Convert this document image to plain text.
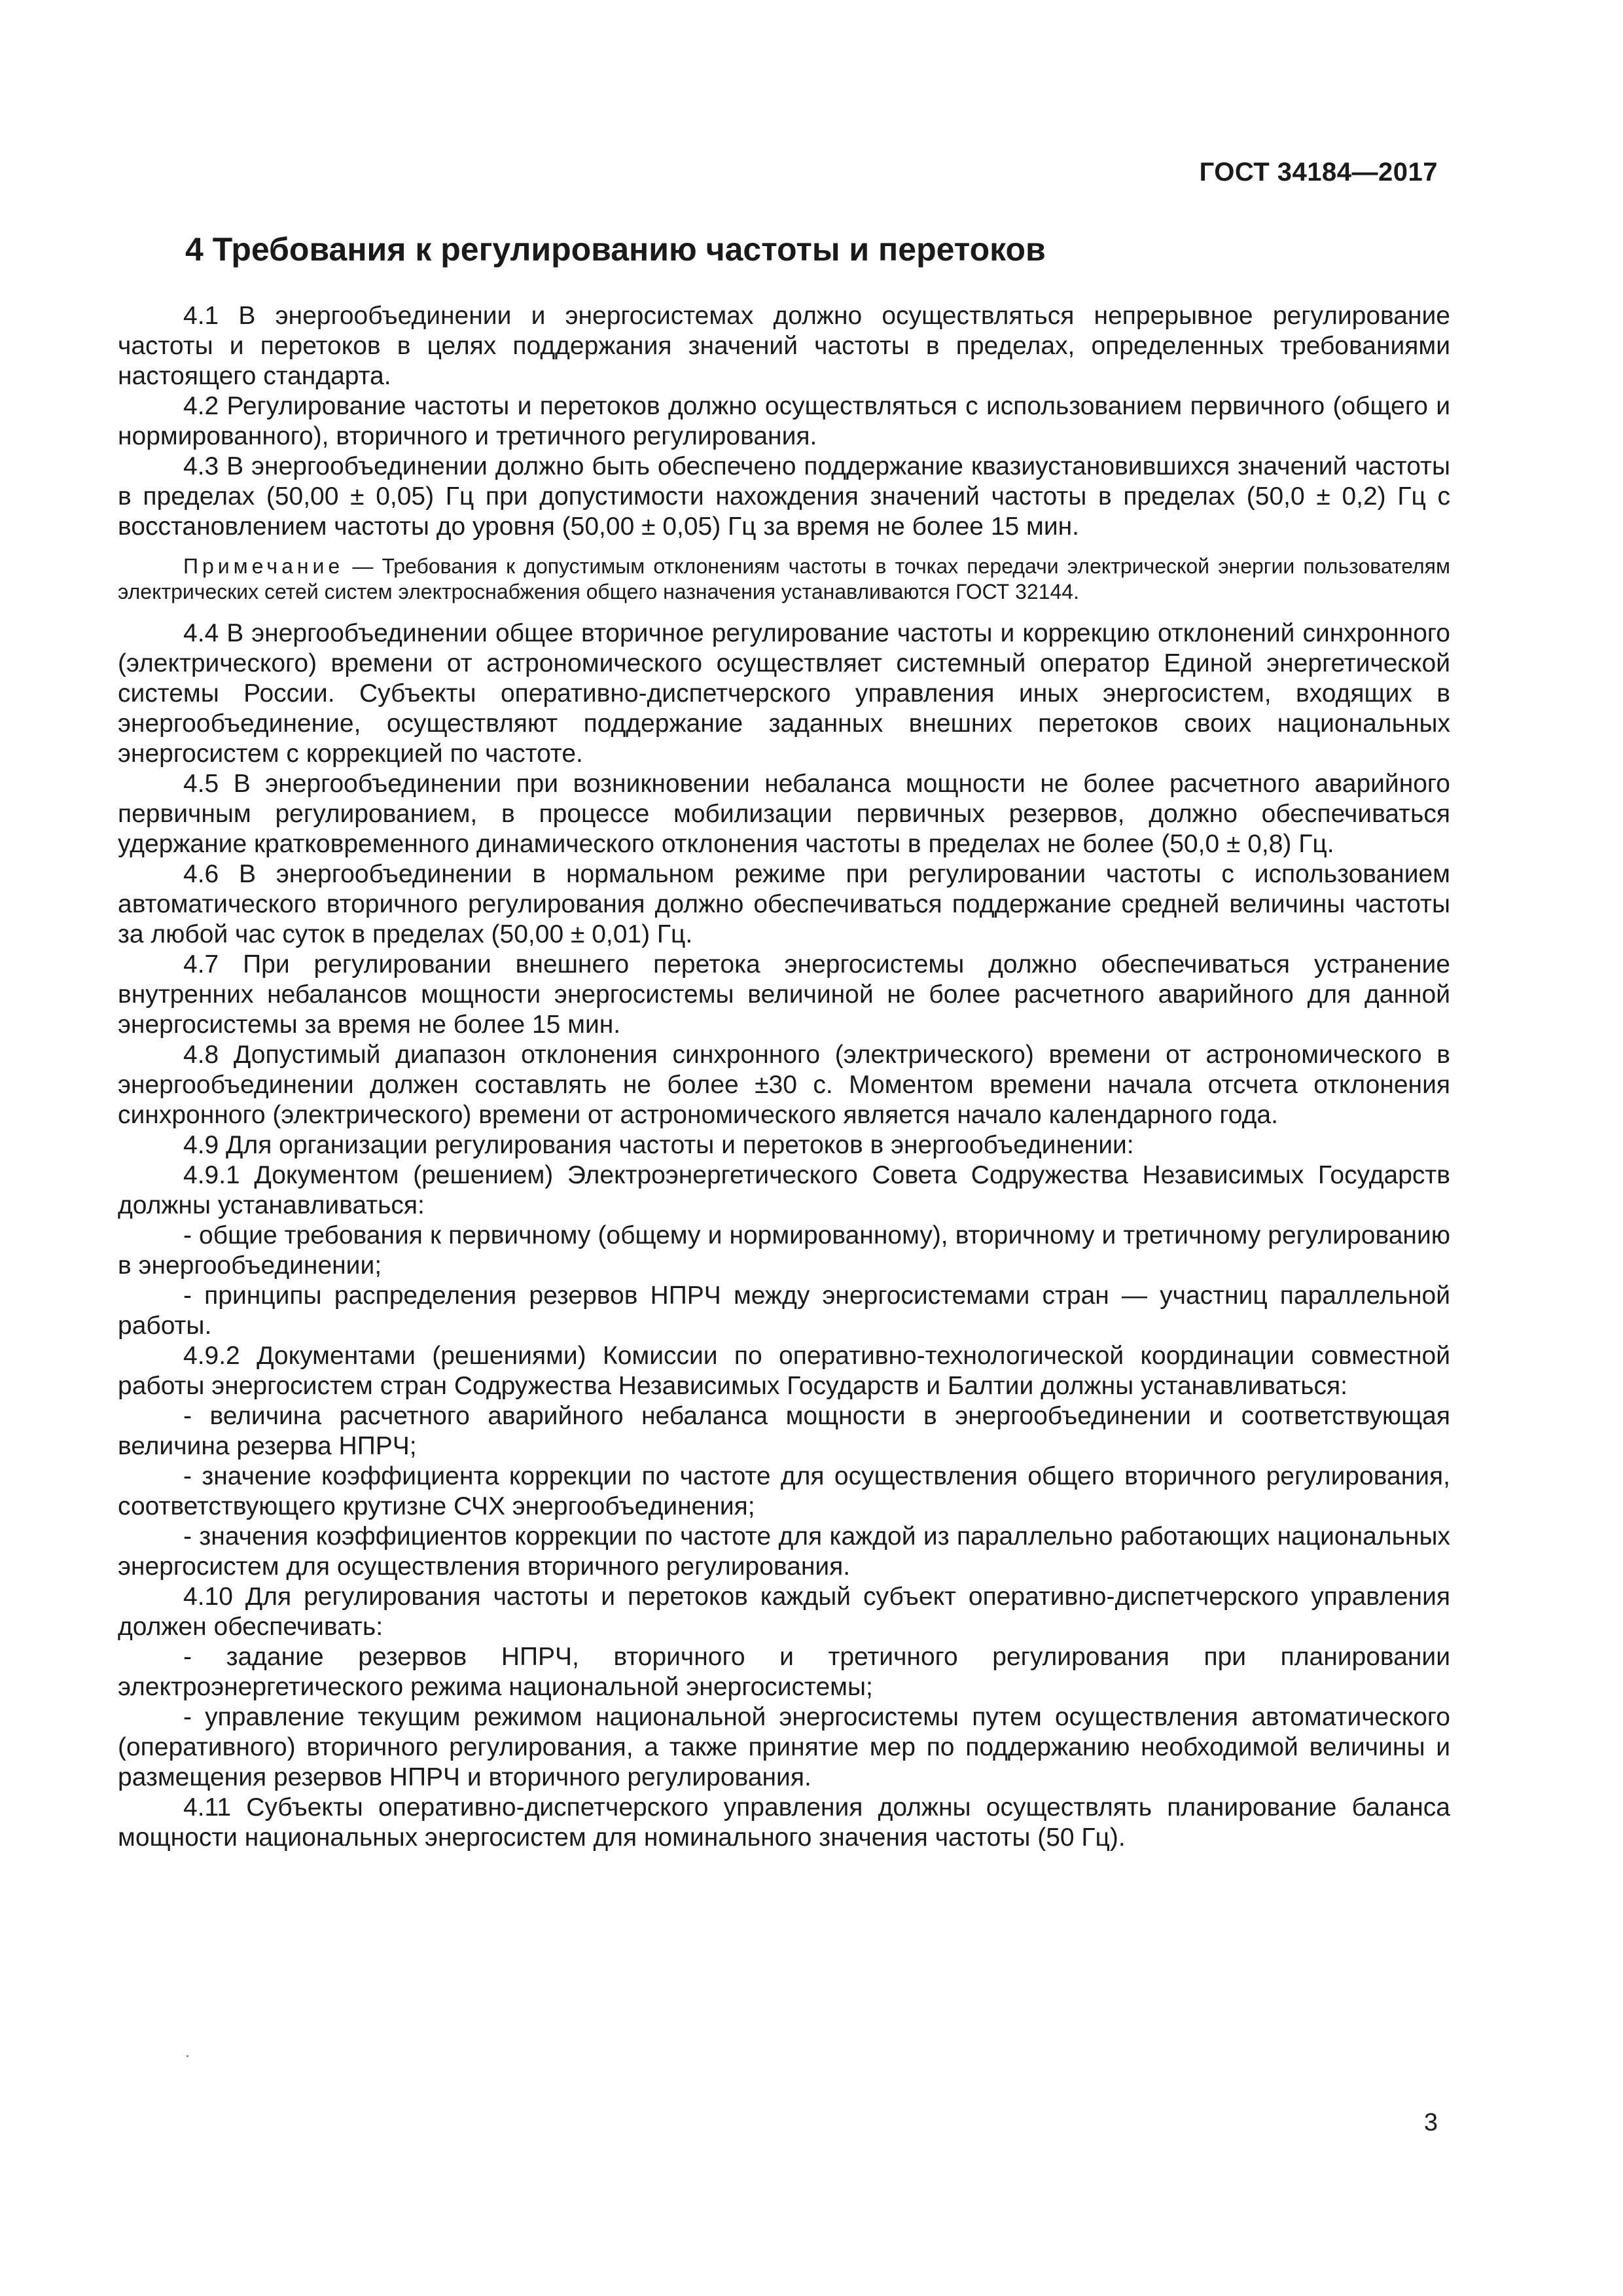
ГОСТ 34184—2017
4 Требования к регулированию частоты и перетоков

4.1 В энергообъединении и энергосистемах должно осуществляться непрерывное регулирование частоты и перетоков в целях поддержания значений частоты в пределах, определенных требованиями настоящего стандарта.

4.2 Регулирование частоты и перетоков должно осуществляться с использованием первичного (общего и нормированного), вторичного и третичного регулирования.

4.3 В энергообъединении должно быть обеспечено поддержание квазиустановившихся значений частоты в пределах (50,00 ± 0,05) Гц при допустимости нахождения значений частоты в пределах (50,0 ± 0,2) Гц с восстановлением частоты до уровня (50,00 ± 0,05) Гц за время не более 15 мин.

Примечание — Требования к допустимым отклонениям частоты в точках передачи электрической энергии пользователям электрических сетей систем электроснабжения общего назначения устанавливаются ГОСТ 32144.

4.4 В энергообъединении общее вторичное регулирование частоты и коррекцию отклонений синхронного (электрического) времени от астрономического осуществляет системный оператор Единой энергетической системы России. Субъекты оперативно-диспетчерского управления иных энергосистем, входящих в энергообъединение, осуществляют поддержание заданных внешних перетоков своих национальных энергосистем с коррекцией по частоте.

4.5 В энергообъединении при возникновении небаланса мощности не более расчетного аварийного первичным регулированием, в процессе мобилизации первичных резервов, должно обеспечиваться удержание кратковременного динамического отклонения частоты в пределах не более (50,0 ± 0,8) Гц.

4.6 В энергообъединении в нормальном режиме при регулировании частоты с использованием автоматического вторичного регулирования должно обеспечиваться поддержание средней величины частоты за любой час суток в пределах (50,00 ± 0,01) Гц.

4.7 При регулировании внешнего перетока энергосистемы должно обеспечиваться устранение внутренних небалансов мощности энергосистемы величиной не более расчетного аварийного для данной энергосистемы за время не более 15 мин.

4.8 Допустимый диапазон отклонения синхронного (электрического) времени от астрономического в энергообъединении должен составлять не более ±30 с. Моментом времени начала отсчета отклонения синхронного (электрического) времени от астрономического является начало календарного года.

4.9 Для организации регулирования частоты и перетоков в энергообъединении:

4.9.1 Документом (решением) Электроэнергетического Совета Содружества Независимых Государств должны устанавливаться:

- общие требования к первичному (общему и нормированному), вторичному и третичному регулированию в энергообъединении;

- принципы распределения резервов НПРЧ между энергосистемами стран — участниц параллельной работы.

4.9.2 Документами (решениями) Комиссии по оперативно-технологической координации совместной работы энергосистем стран Содружества Независимых Государств и Балтии должны устанавливаться:

- величина расчетного аварийного небаланса мощности в энергообъединении и соответствующая величина резерва НПРЧ;

- значение коэффициента коррекции по частоте для осуществления общего вторичного регулирования, соответствующего крутизне СЧХ энергообъединения;

- значения коэффициентов коррекции по частоте для каждой из параллельно работающих национальных энергосистем для осуществления вторичного регулирования.

4.10 Для регулирования частоты и перетоков каждый субъект оперативно-диспетчерского управления должен обеспечивать:

- задание резервов НПРЧ, вторичного и третичного регулирования при планировании электроэнергетического режима национальной энергосистемы;

- управление текущим режимом национальной энергосистемы путем осуществления автоматического (оперативного) вторичного регулирования, а также принятие мер по поддержанию необходимой величины и размещения резервов НПРЧ и вторичного регулирования.

4.11 Субъекты оперативно-диспетчерского управления должны осуществлять планирование баланса мощности национальных энергосистем для номинального значения частоты (50 Гц).

3
